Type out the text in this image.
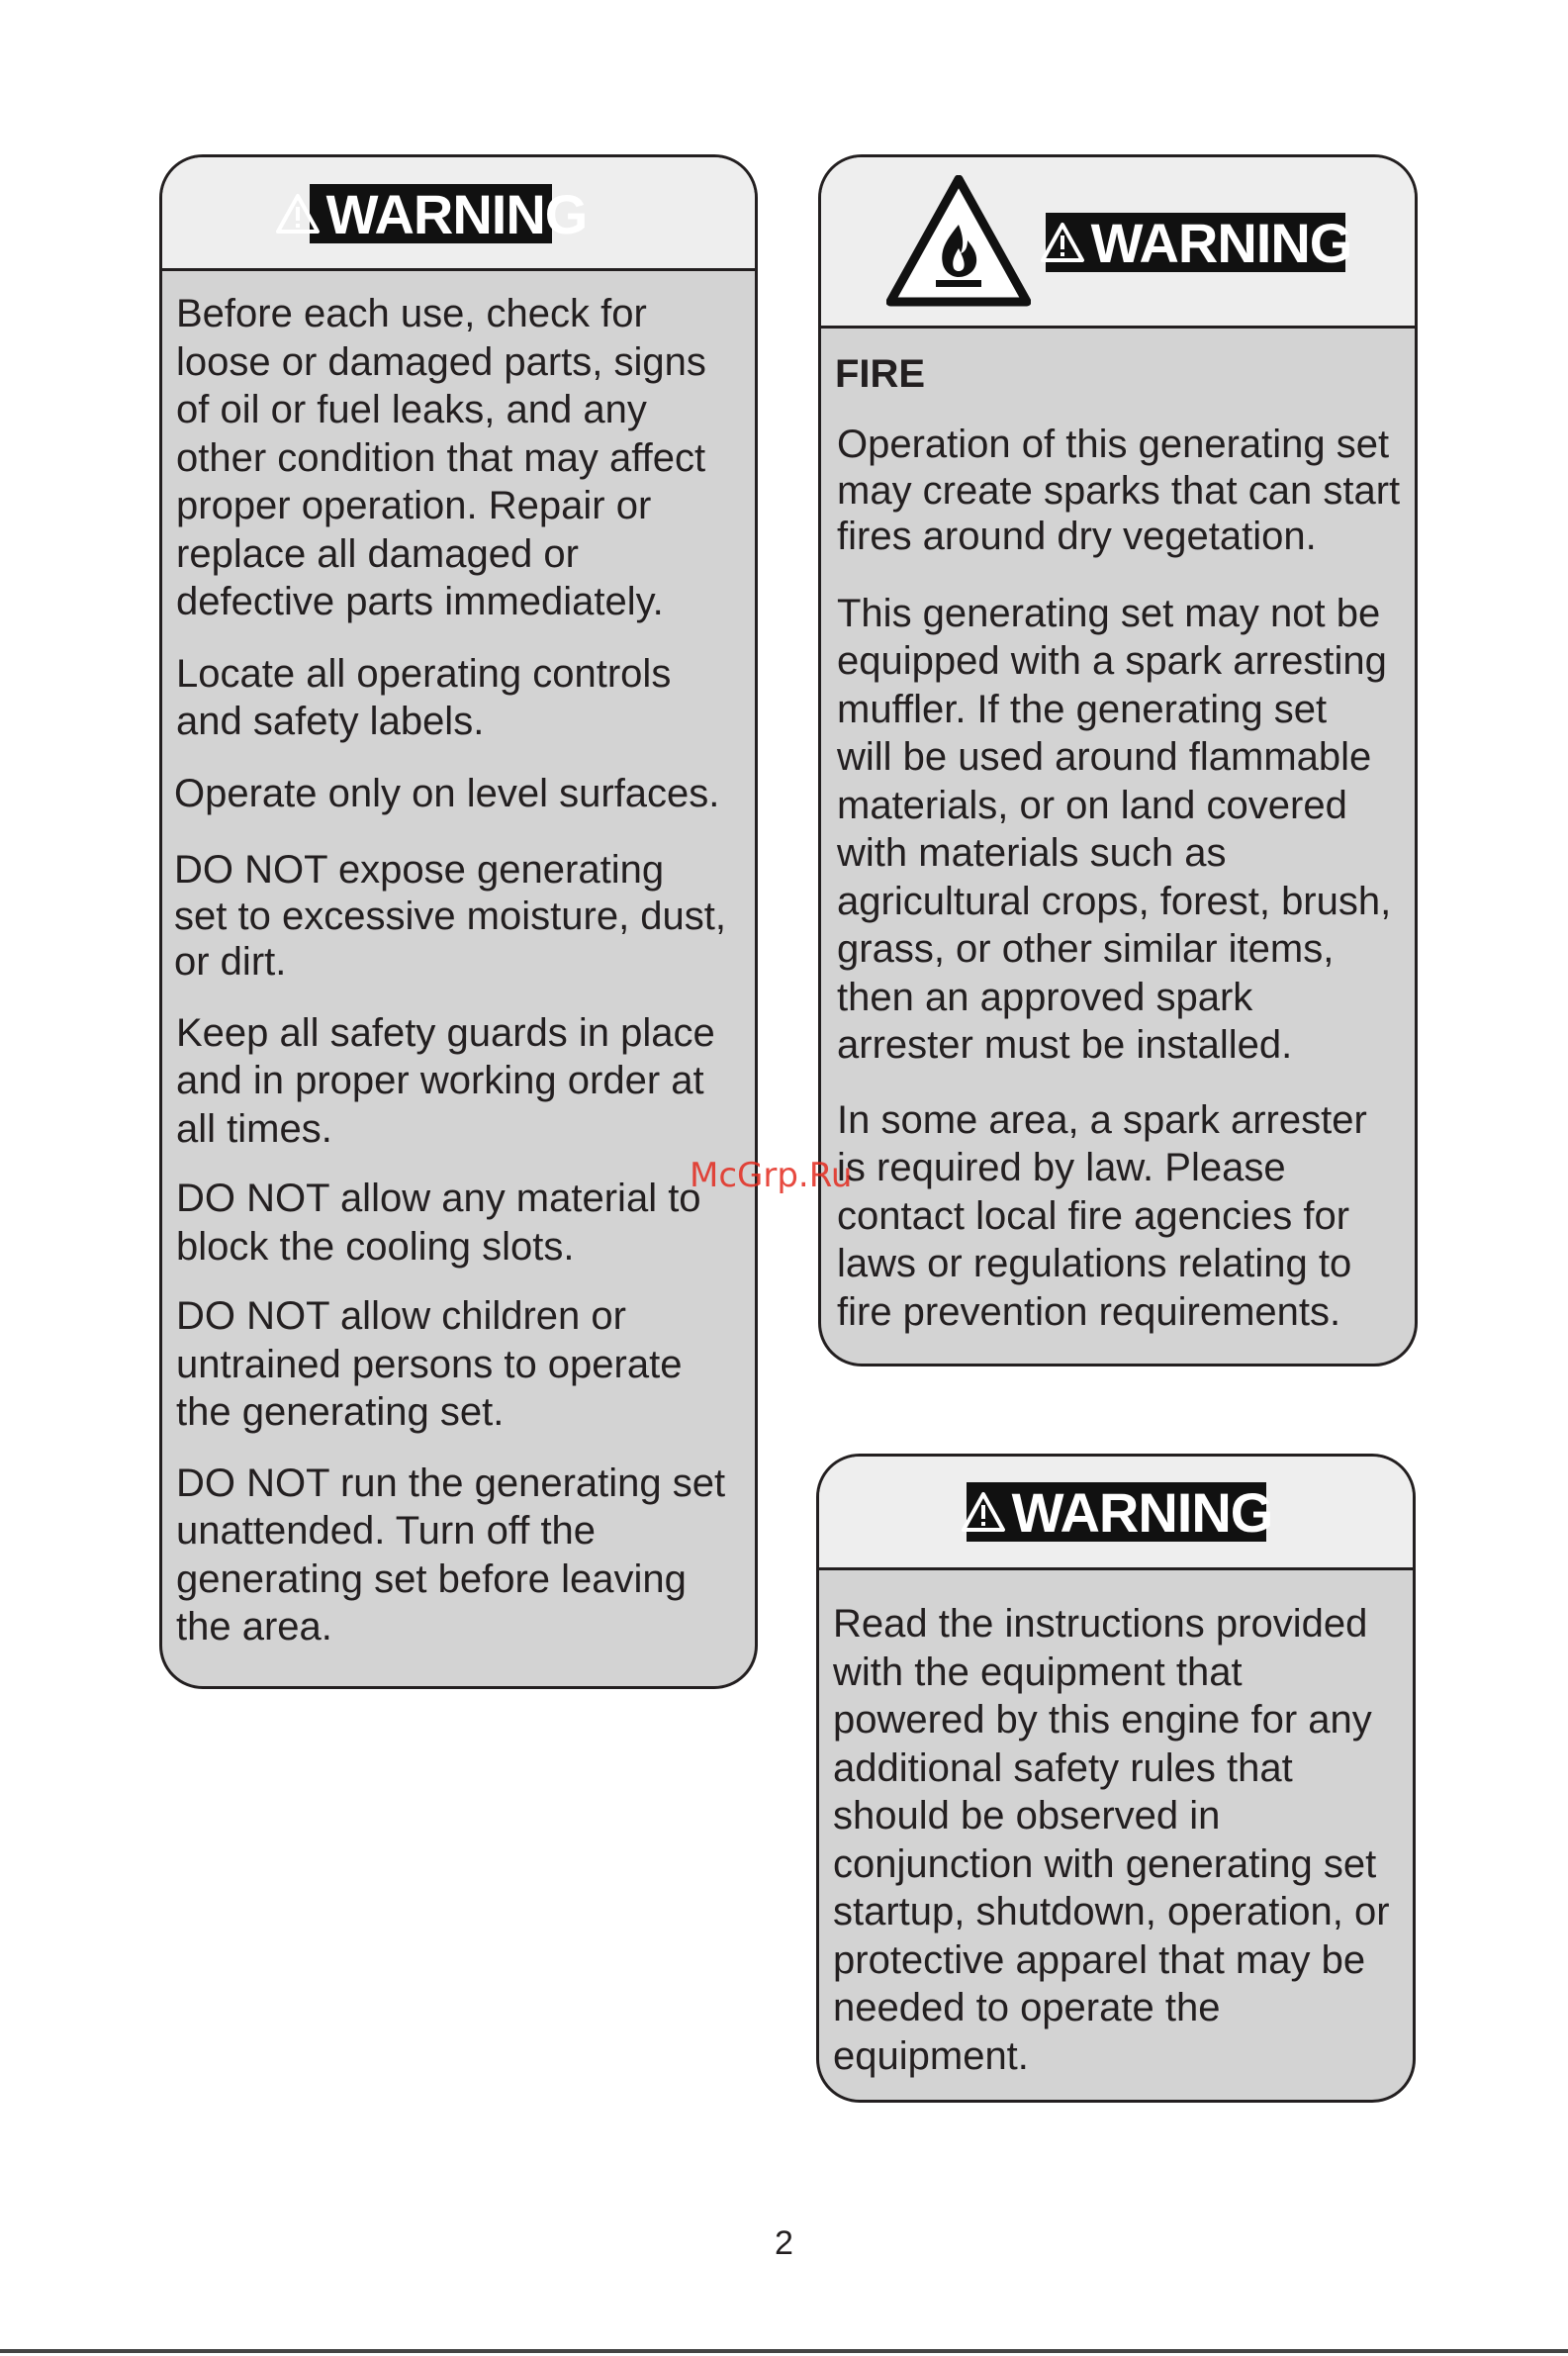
WARNING

Before each use, check for
loose or damaged parts, signs
of oil or fuel leaks, and any
other condition that may affect
proper operation. Repair or
replace all damaged or
defective parts immediately.

Locate all operating controls
and safety labels.

Operate only on level surfaces.

DO NOT expose generating
set to excessive moisture, dust,
or dirt.

Keep all safety guards in place
and in proper working order at
all times.

DO NOT allow any material to
block the cooling slots.

DO NOT allow children or
untrained persons to operate
the generating set.

DO NOT run the generating set
unattended. Turn off the
generating set before leaving
the area.

WARNING
FIRE

Operation of this generating set
may create sparks that can start
fires around dry vegetation.

This generating set may not be
equipped with a spark arresting
muffler. If the generating set
will be used around flammable
materials, or on land covered
with materials such as
agricultural crops, forest, brush,
grass, or other similar items,
then an approved spark
arrester must be installed.

In some area, a spark arrester
is required by law. Please
contact local fire agencies for
laws or regulations relating to
fire prevention requirements.

WARNING

Read the instructions provided
with the equipment that
powered by this engine for any
additional safety rules that
should be observed in
conjunction with generating set
startup, shutdown, operation, or
protective apparel that may be
needed to operate the
equipment.

McGrp.Ru
2
